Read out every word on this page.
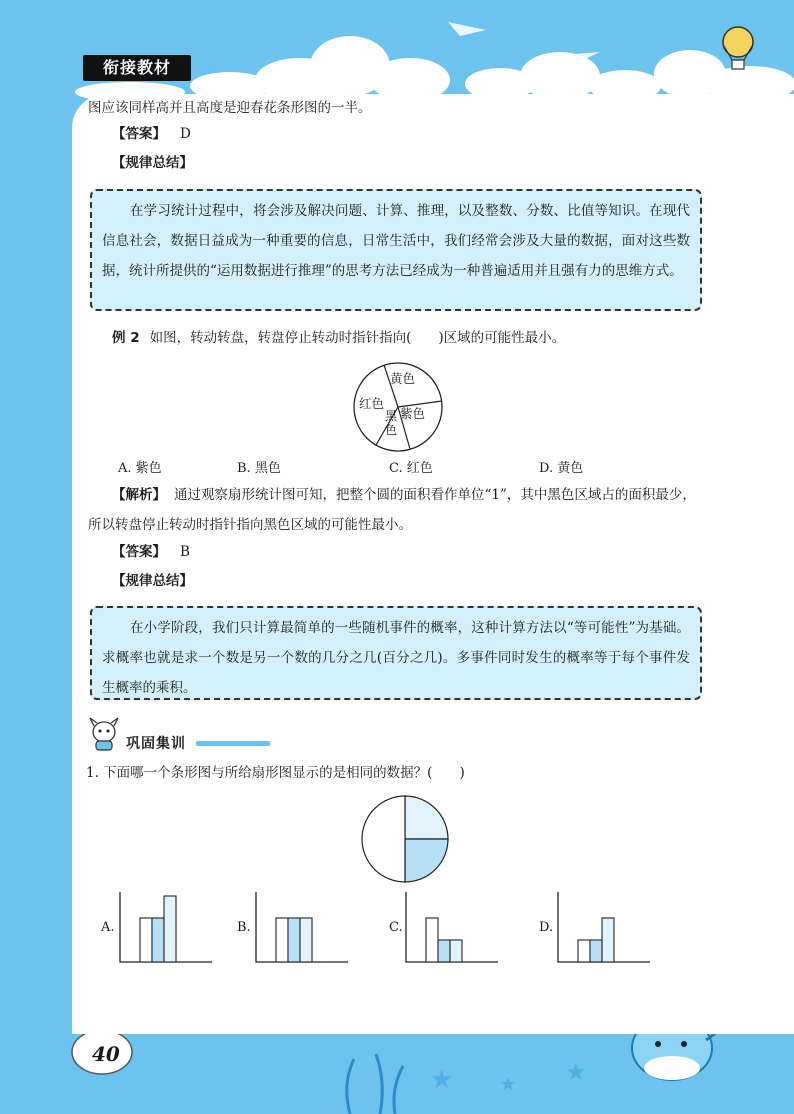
★	★ ★
衔接教材
图应该同样高并且高度是迎春花条形图的一半。
【答案】 D
【规律总结】

在学习统计过程中，将会涉及解决问题、计算、推理，以及整数、分数、比值等知识。在现代信息社会，数据日益成为一种重要的信息，日常生活中，我们经常会涉及大量的数据，面对这些数据，统计所提供的“运用数据进行推理”的思考方法已经成为一种普遍适用并且强有力的思维方式。

例 2 如图，转动转盘，转盘停止转动时指针指向(　　)区域的可能性最小。
黄色
紫色
黑色
红色
A. 紫色	B. 黑色	C. 红色	D. 黄色
【解析】 通过观察扇形统计图可知，把整个圆的面积看作单位“1”，其中黑色区域占的面积最少，所以转盘停止转动时指针指向黑色区域的可能性最小。
【答案】 B
【规律总结】

在小学阶段，我们只计算最简单的一些随机事件的概率，这种计算方法以“等可能性”为基础。求概率也就是求一个数是另一个数的几分之几(百分之几)。多事件同时发生的概率等于每个事件发生概率的乘积。

巩固集训
1. 下面哪一个条形图与所给扇形图显示的是相同的数据？(　　)
A.	B.	C.	D.
40
